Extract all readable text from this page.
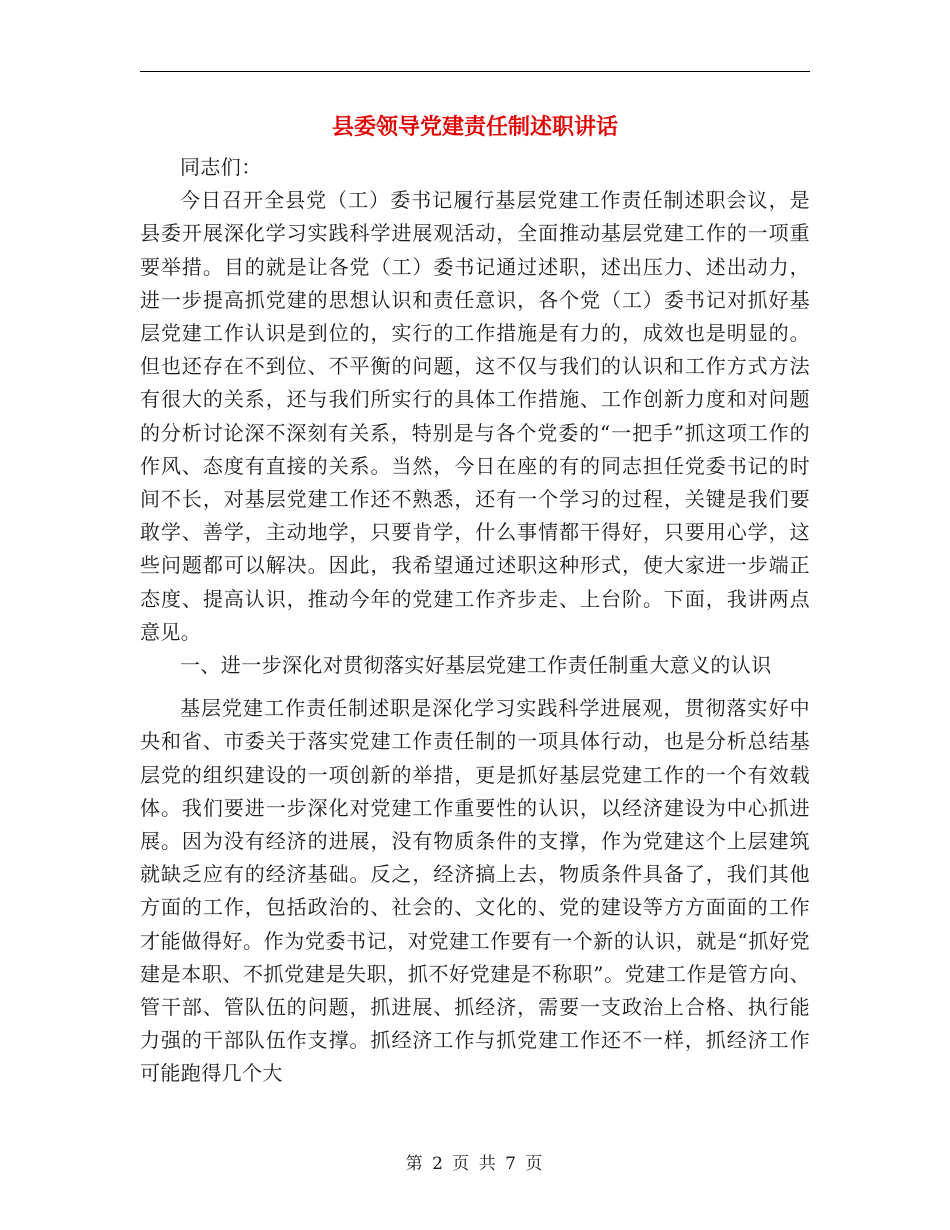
县委领导党建责任制述职讲话

同志们：

今日召开全县党（工）委书记履行基层党建工作责任制述职会议，是县委开展深化学习实践科学进展观活动，全面推动基层党建工作的一项重要举措。目的就是让各党（工）委书记通过述职，述出压力、述出动力，进一步提高抓党建的思想认识和责任意识，各个党（工）委书记对抓好基层党建工作认识是到位的，实行的工作措施是有力的，成效也是明显的。但也还存在不到位、不平衡的问题，这不仅与我们的认识和工作方式方法有很大的关系，还与我们所实行的具体工作措施、工作创新力度和对问题的分析讨论深不深刻有关系，特别是与各个党委的“一把手”抓这项工作的作风、态度有直接的关系。当然，今日在座的有的同志担任党委书记的时间不长，对基层党建工作还不熟悉，还有一个学习的过程，关键是我们要敢学、善学，主动地学，只要肯学，什么事情都干得好，只要用心学，这些问题都可以解决。因此，我希望通过述职这种形式，使大家进一步端正态度、提高认识，推动今年的党建工作齐步走、上台阶。下面，我讲两点意见。

一、进一步深化对贯彻落实好基层党建工作责任制重大意义的认识

基层党建工作责任制述职是深化学习实践科学进展观，贯彻落实好中央和省、市委关于落实党建工作责任制的一项具体行动，也是分析总结基层党的组织建设的一项创新的举措，更是抓好基层党建工作的一个有效载体。我们要进一步深化对党建工作重要性的认识，以经济建设为中心抓进展。因为没有经济的进展，没有物质条件的支撑，作为党建这个上层建筑就缺乏应有的经济基础。反之，经济搞上去，物质条件具备了，我们其他方面的工作，包括政治的、社会的、文化的、党的建设等方方面面的工作才能做得好。作为党委书记，对党建工作要有一个新的认识，就是“抓好党建是本职、不抓党建是失职，抓不好党建是不称职”。党建工作是管方向、管干部、管队伍的问题，抓进展、抓经济，需要一支政治上合格、执行能力强的干部队伍作支撑。抓经济工作与抓党建工作还不一样，抓经济工作可能跑得几个大

第 2 页 共 7 页
